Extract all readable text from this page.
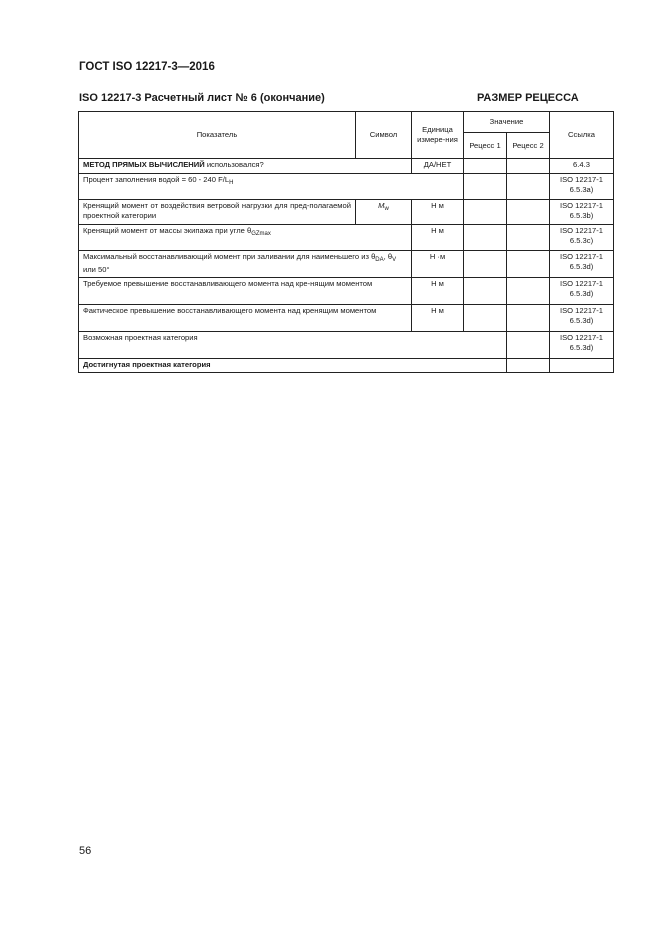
ГОСТ ISO 12217-3—2016
ISO 12217-3 Расчетный лист № 6 (окончание)	РАЗМЕР РЕЦЕССА
Показатель	Символ	Единица измере-ния	Значение		Ссылка
			Рецесс 1	Рецесс 2	
МЕТОД ПРЯМЫХ ВЫЧИСЛЕНИЙ использовался?		ДА/НЕТ			6.4.3
Процент заполнения водой = 60 - 240 $F/L_H$					ISO 12217-1 6.5.3a)
Кренящий момент от воздействия ветровой нагрузки для пред-полагаемой проектной категории	$M_w$	Н м			ISO 12217-1 6.5.3b)
Кренящий момент от массы экипажа при угле $\theta_{GZmax}$		Н м			ISO 12217-1 6.5.3c)
Максимальный восстанавливающий момент при заливании для наименьшего из $\theta_{DA}$, $\theta_V$ или 50°		Н ·м			ISO 12217-1 6.5.3d)
Требуемое превышение восстанавливающего момента над кре-нящим моментом		Н м			ISO 12217-1 6.5.3d)
Фактическое превышение восстанавливающего момента над кренящим моментом		Н м			ISO 12217-1 6.5.3d)
Возможная проектная категория					ISO 12217-1 6.5.3d)
Достигнутая проектная категория					
56
